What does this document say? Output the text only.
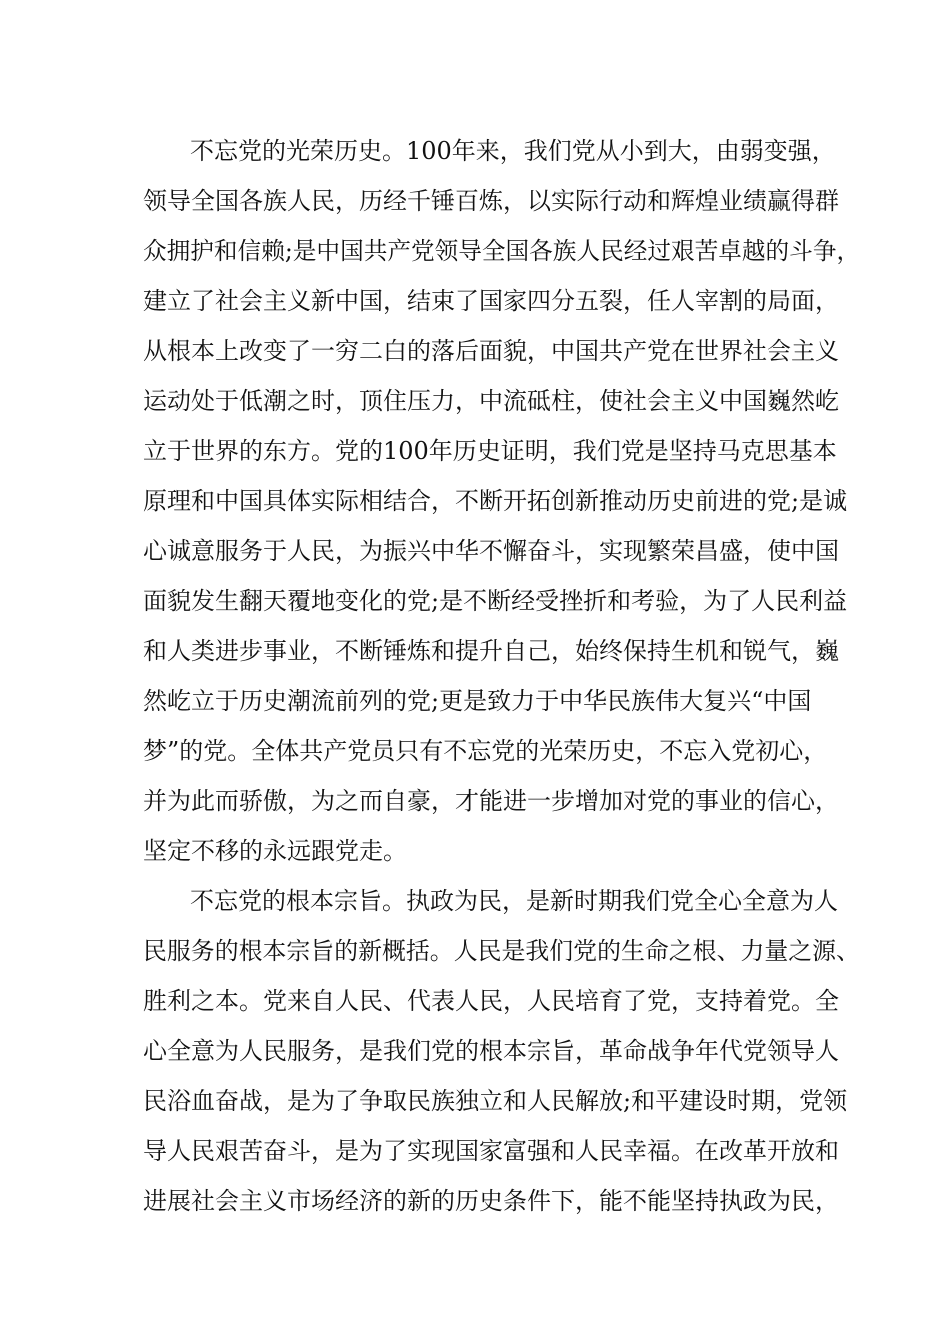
不忘党的光荣历史。100年来，我们党从小到大，由弱变强，
领导全国各族人民，历经千锤百炼，以实际行动和辉煌业绩赢得群
众拥护和信赖;是中国共产党领导全国各族人民经过艰苦卓越的斗争，
建立了社会主义新中国，结束了国家四分五裂，任人宰割的局面，
从根本上改变了一穷二白的落后面貌，中国共产党在世界社会主义
运动处于低潮之时，顶住压力，中流砥柱，使社会主义中国巍然屹
立于世界的东方。党的100年历史证明，我们党是坚持马克思基本
原理和中国具体实际相结合，不断开拓创新推动历史前进的党;是诚
心诚意服务于人民，为振兴中华不懈奋斗，实现繁荣昌盛，使中国
面貌发生翻天覆地变化的党;是不断经受挫折和考验，为了人民利益
和人类进步事业，不断锤炼和提升自己，始终保持生机和锐气，巍
然屹立于历史潮流前列的党;更是致力于中华民族伟大复兴“中国
梦”的党。全体共产党员只有不忘党的光荣历史，不忘入党初心，
并为此而骄傲，为之而自豪，才能进一步增加对党的事业的信心，
坚定不移的永远跟党走。
不忘党的根本宗旨。执政为民，是新时期我们党全心全意为人
民服务的根本宗旨的新概括。人民是我们党的生命之根、力量之源、
胜利之本。党来自人民、代表人民，人民培育了党，支持着党。全
心全意为人民服务，是我们党的根本宗旨，革命战争年代党领导人
民浴血奋战，是为了争取民族独立和人民解放;和平建设时期，党领
导人民艰苦奋斗，是为了实现国家富强和人民幸福。在改革开放和
进展社会主义市场经济的新的历史条件下，能不能坚持执政为民，
